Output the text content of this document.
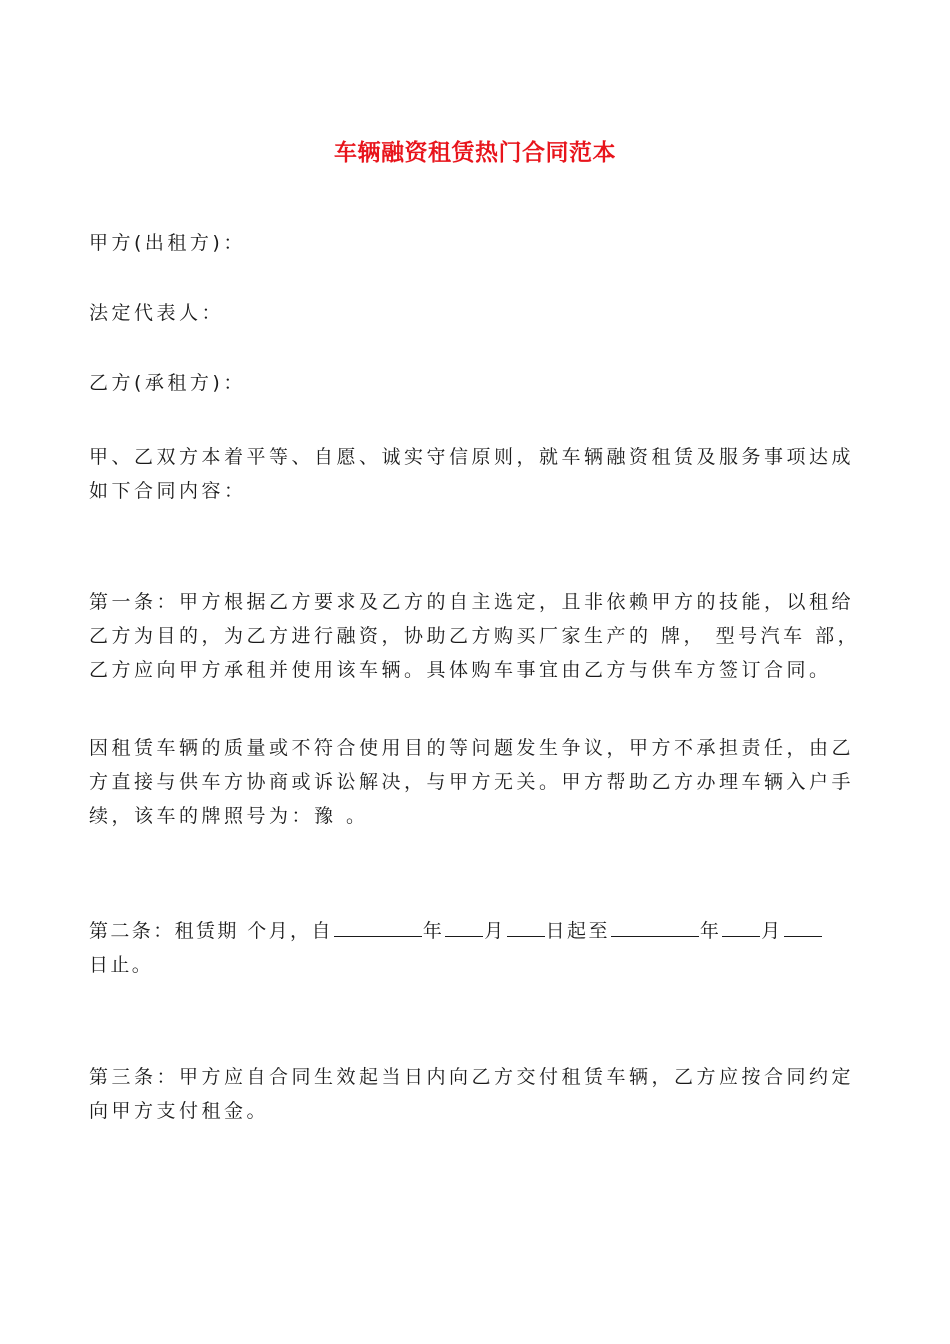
车辆融资租赁热门合同范本

甲方(出租方)：

法定代表人：

乙方(承租方)：

甲、乙双方本着平等、自愿、诚实守信原则，就车辆融资租赁及服务事项达成
如下合同内容：

第一条：甲方根据乙方要求及乙方的自主选定，且非依赖甲方的技能，以租给
乙方为目的，为乙方进行融资，协助乙方购买厂家生产的 牌， 型号汽车 部，
乙方应向甲方承租并使用该车辆。具体购车事宜由乙方与供车方签订合同。

因租赁车辆的质量或不符合使用目的等问题发生争议，甲方不承担责任，由乙
方直接与供车方协商或诉讼解决，与甲方无关。甲方帮助乙方办理车辆入户手
续，该车的牌照号为：豫 。

第二条：租赁期 个月，自	年 月 日起至	年 月
日止。

第三条：甲方应自合同生效起当日内向乙方交付租赁车辆，乙方应按合同约定
向甲方支付租金。
